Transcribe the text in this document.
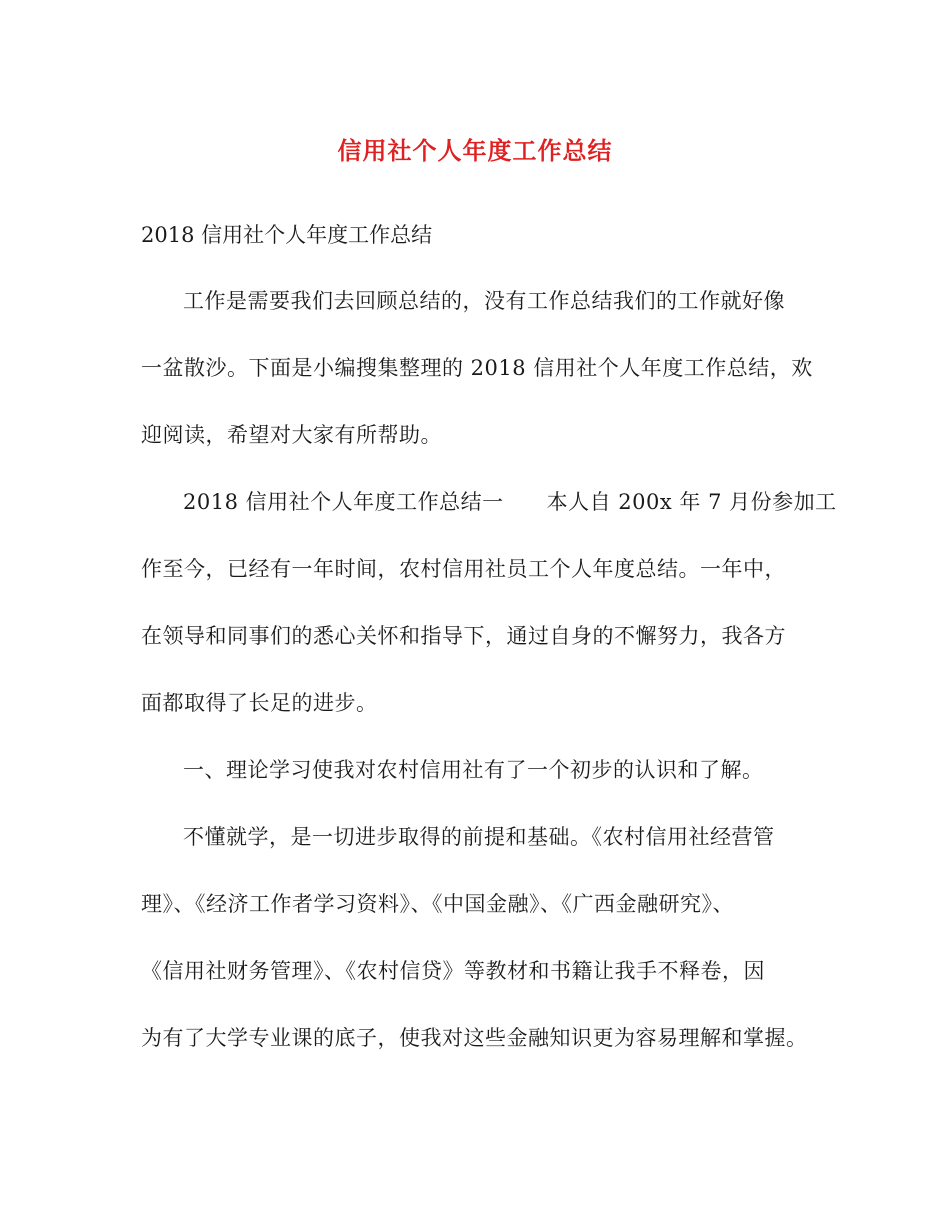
信用社个人年度工作总结
2018 信用社个人年度工作总结
工作是需要我们去回顾总结的，没有工作总结我们的工作就好像
一盆散沙。下面是小编搜集整理的 2018 信用社个人年度工作总结，欢
迎阅读，希望对大家有所帮助。
2018 信用社个人年度工作总结一　　本人自 200x 年 7 月份参加工
作至今，已经有一年时间，农村信用社员工个人年度总结。一年中，
在领导和同事们的悉心关怀和指导下，通过自身的不懈努力，我各方
面都取得了长足的进步。
一、理论学习使我对农村信用社有了一个初步的认识和了解。
不懂就学，是一切进步取得的前提和基础。《农村信用社经营管
理》、《经济工作者学习资料》、《中国金融》、《广西金融研究》、
《信用社财务管理》、《农村信贷》等教材和书籍让我手不释卷，因
为有了大学专业课的底子，使我对这些金融知识更为容易理解和掌握。
